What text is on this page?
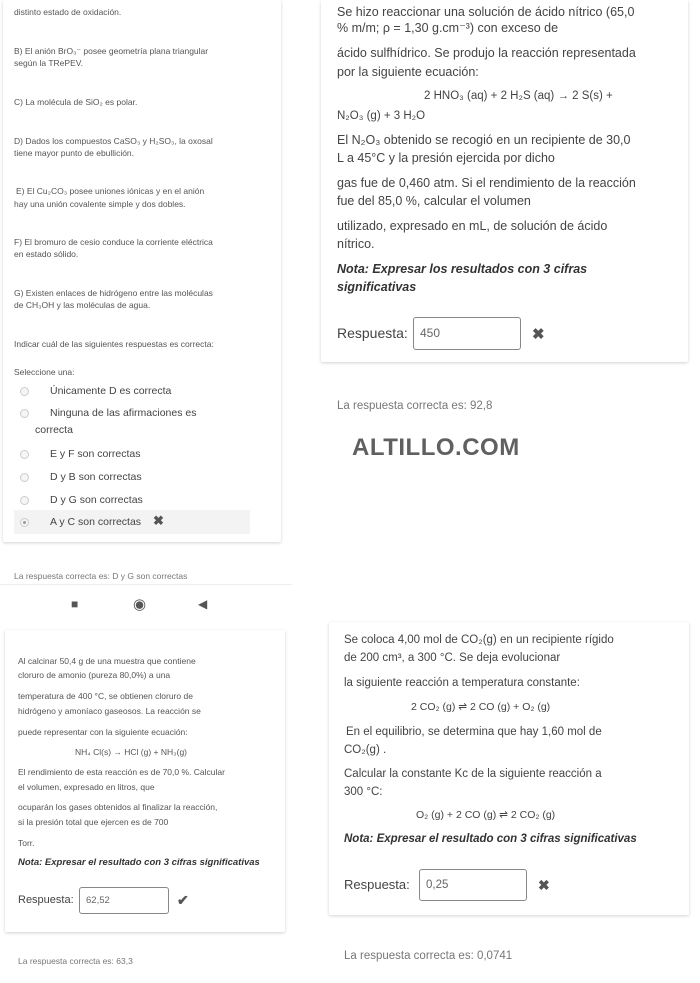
distinto estado de oxidación.
B) El anión BrO₃⁻ posee geometría plana triangular
según la TRePEV.
C) La molécula de SiO₂ es polar.
D) Dados los compuestos CaSO₃ y H₂SO₃, la oxosal
tiene mayor punto de ebullición.
E) El Cu₂CO₃ posee uniones iónicas y en el anión
hay una unión covalente simple y dos dobles.
F) El bromuro de cesio conduce la corriente eléctrica
en estado sólido.
G) Existen enlaces de hidrógeno entre las moléculas
de CH₃OH y las moléculas de agua.
Indicar cuál de las siguientes respuestas es correcta:
Seleccione una:
Únicamente D es correcta
Ninguna de las afirmaciones es
correcta
E y F son correctas
D y B son correctas
D y G son correctas
A y C son correctas ✖
La respuesta correcta es: D y G son correctas
■	◉	◀
Se hizo reaccionar una solución de ácido nítrico (65,0
% m/m; ρ = 1,30 g.cm⁻³) con exceso de
ácido sulfhídrico. Se produjo la reacción representada
por la siguiente ecuación:
2 HNO₃ (aq) + 2 H₂S (aq) → 2 S(s) +
N₂O₃ (g) + 3 H₂O
El N₂O₃ obtenido se recogió en un recipiente de 30,0
L a 45°C y la presión ejercida por dicho
gas fue de 0,460 atm. Si el rendimiento de la reacción
fue del 85,0 %, calcular el volumen
utilizado, expresado en mL, de solución de ácido
nítrico.
Nota: Expresar los resultados con 3 cifras
significativas
Respuesta:	450	✖
La respuesta correcta es: 92,8
ALTILLO.COM
Al calcinar 50,4 g de una muestra que contiene
cloruro de amonio (pureza 80,0%) a una
temperatura de 400 °C, se obtienen cloruro de
hidrógeno y amoníaco gaseosos. La reacción se
puede representar con la siguiente ecuación:
NH₄ Cl(s) → HCl (g) + NH₃(g)
El rendimiento de esta reacción es de 70,0 %. Calcular
el volumen, expresado en litros, que
ocuparán los gases obtenidos al finalizar la reacción,
si la presión total que ejercen es de 700
Torr.
Nota: Expresar el resultado con 3 cifras significativas
Respuesta:	62,52	✔
La respuesta correcta es: 63,3
Se coloca 4,00 mol de CO₂(g) en un recipiente rígido
de 200 cm³, a 300 °C. Se deja evolucionar
la siguiente reacción a temperatura constante:
2 CO₂ (g) ⇌ 2 CO (g) + O₂ (g)
En el equilibrio, se determina que hay 1,60 mol de
CO₂(g) .
Calcular la constante Kc de la siguiente reacción a
300 °C:
O₂ (g) + 2 CO (g) ⇌ 2 CO₂ (g)
Nota: Expresar el resultado con 3 cifras significativas
Respuesta:	0,25	✖
La respuesta correcta es: 0,0741
